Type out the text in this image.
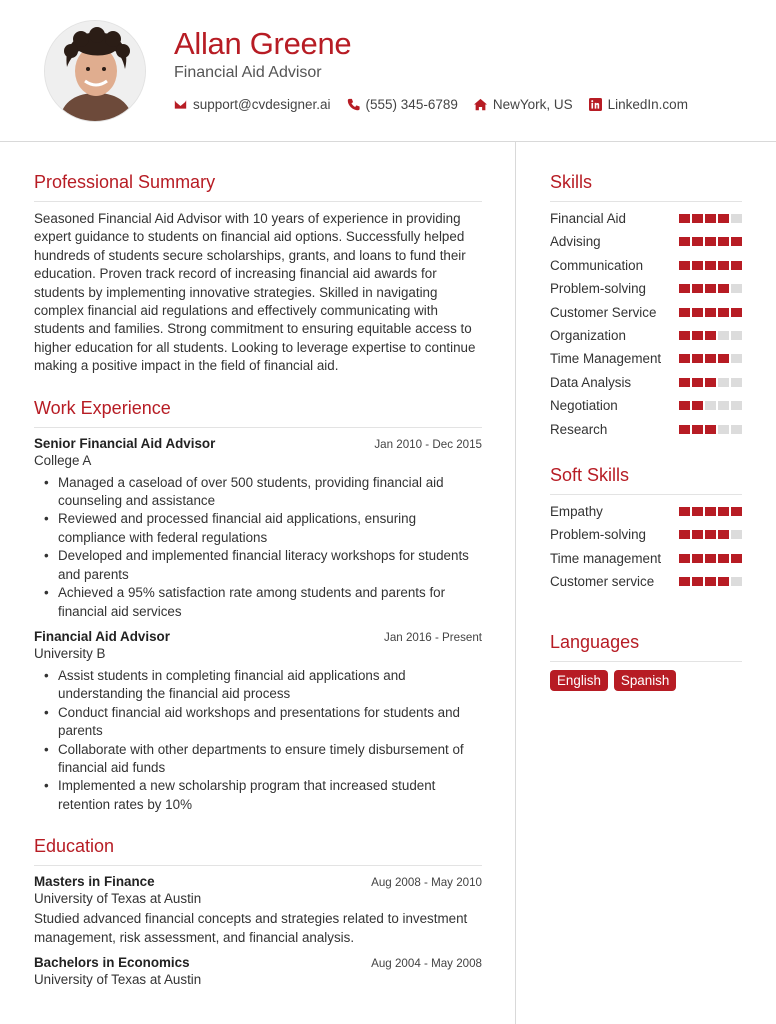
Allan Greene
Financial Aid Advisor
support@cvdesigner.ai	(555) 345-6789	NewYork, US	LinkedIn.com
Professional Summary

Seasoned Financial Aid Advisor with 10 years of experience in providing expert guidance to students on financial aid options. Successfully helped hundreds of students secure scholarships, grants, and loans to fund their education. Proven track record of increasing financial aid awards for students by implementing innovative strategies. Skilled in navigating complex financial aid regulations and effectively communicating with students and families. Strong commitment to ensuring equitable access to higher education for all students. Looking to leverage expertise to continue making a positive impact in the field of financial aid.

Work Experience
Senior Financial Aid Advisor	Jan 2010 - Dec 2015
College A
• Managed a caseload of over 500 students, providing financial aid counseling and assistance
• Reviewed and processed financial aid applications, ensuring compliance with federal regulations
• Developed and implemented financial literacy workshops for students and parents
• Achieved a 95% satisfaction rate among students and parents for financial aid services
Financial Aid Advisor	Jan 2016 - Present
University B
• Assist students in completing financial aid applications and understanding the financial aid process
• Conduct financial aid workshops and presentations for students and parents
• Collaborate with other departments to ensure timely disbursement of financial aid funds
• Implemented a new scholarship program that increased student retention rates by 10%
Education
Masters in Finance	Aug 2008 - May 2010
University of Texas at Austin

Studied advanced financial concepts and strategies related to investment management, risk assessment, and financial analysis.

Bachelors in Economics	Aug 2004 - May 2008
University of Texas at Austin
Skills
Financial Aid
Advising
Communication
Problem-solving
Customer Service
Organization
Time Management
Data Analysis
Negotiation
Research
Soft Skills
Empathy
Problem-solving
Time management
Customer service
Languages
English	Spanish
